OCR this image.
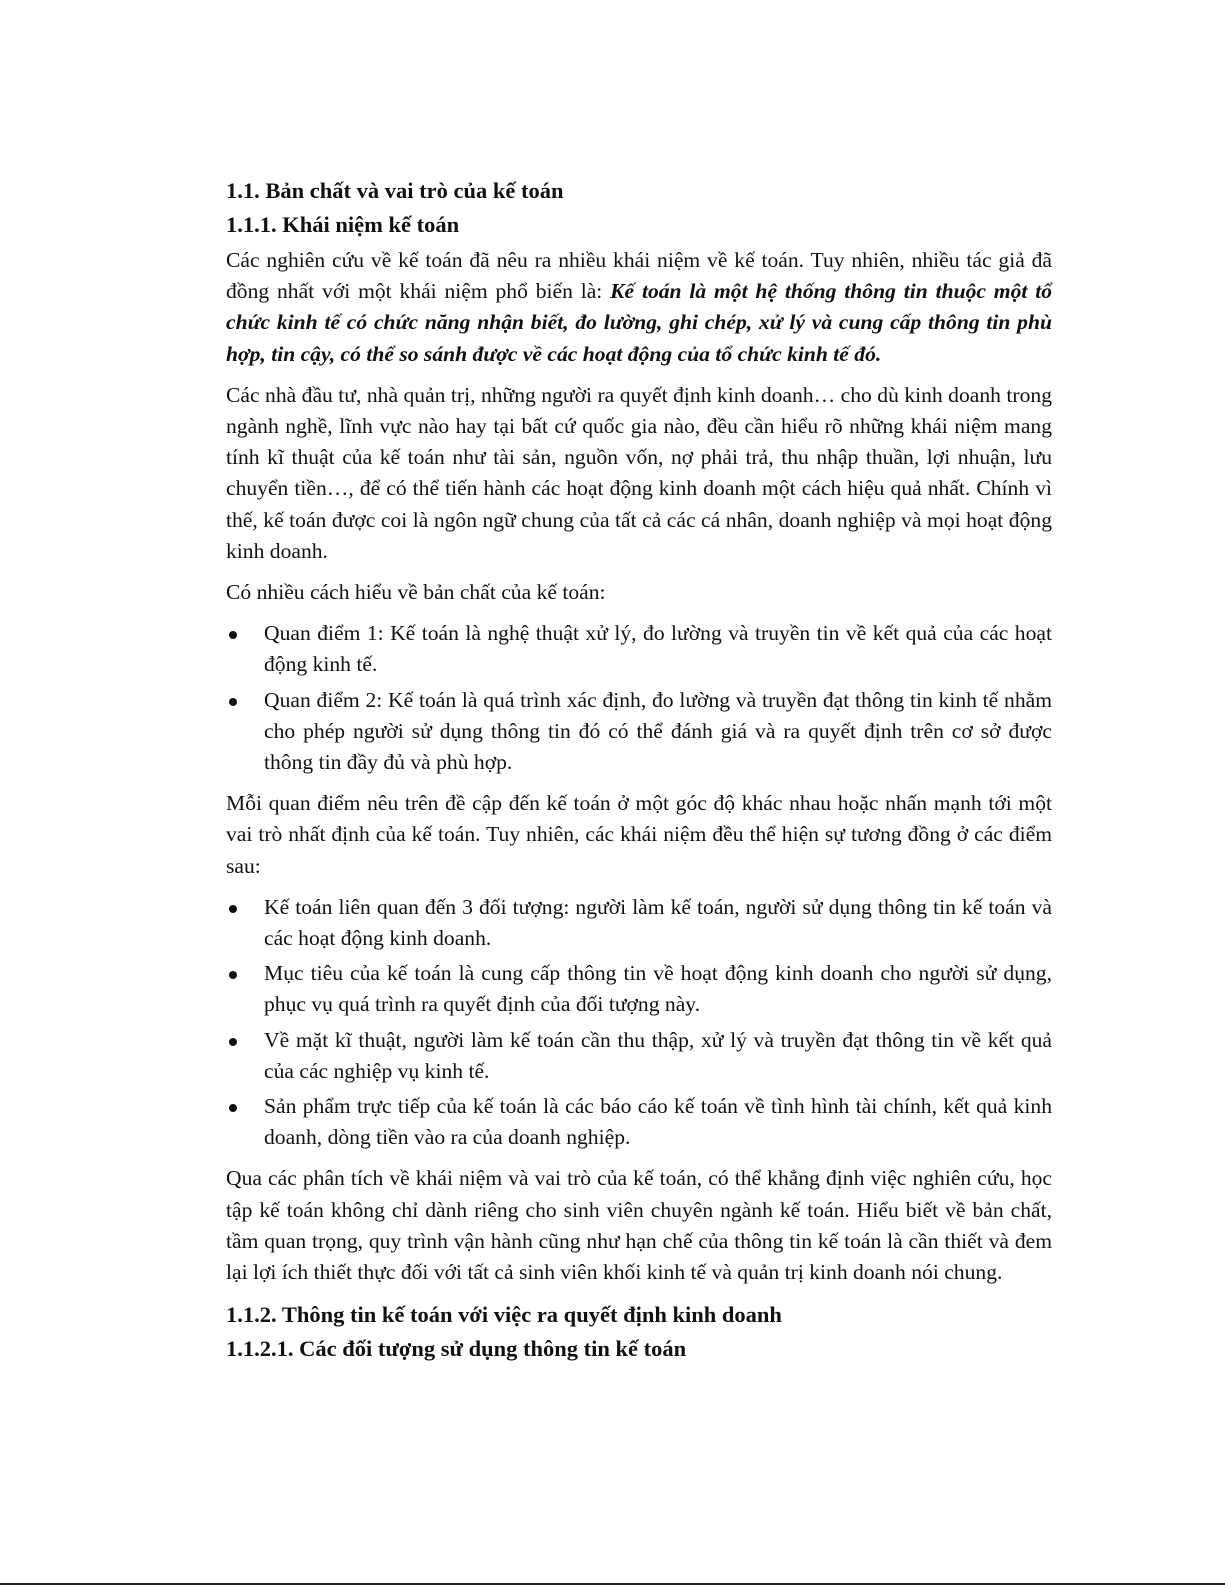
1.1. Bản chất và vai trò của kế toán
1.1.1. Khái niệm kế toán

Các nghiên cứu về kế toán đã nêu ra nhiều khái niệm về kế toán. Tuy nhiên, nhiều tác giả đã đồng nhất với một khái niệm phổ biến là: Kế toán là một hệ thống thông tin thuộc một tổ chức kinh tế có chức năng nhận biết, đo lường, ghi chép, xử lý và cung cấp thông tin phù hợp, tin cậy, có thể so sánh được về các hoạt động của tổ chức kinh tế đó.

Các nhà đầu tư, nhà quản trị, những người ra quyết định kinh doanh… cho dù kinh doanh trong ngành nghề, lĩnh vực nào hay tại bất cứ quốc gia nào, đều cần hiểu rõ những khái niệm mang tính kĩ thuật của kế toán như tài sản, nguồn vốn, nợ phải trả, thu nhập thuần, lợi nhuận, lưu chuyển tiền…, để có thể tiến hành các hoạt động kinh doanh một cách hiệu quả nhất. Chính vì thế, kế toán được coi là ngôn ngữ chung của tất cả các cá nhân, doanh nghiệp và mọi hoạt động kinh doanh.

Có nhiều cách hiểu về bản chất của kế toán:

Quan điểm 1: Kế toán là nghệ thuật xử lý, đo lường và truyền tin về kết quả của các hoạt động kinh tế.
Quan điểm 2: Kế toán là quá trình xác định, đo lường và truyền đạt thông tin kinh tế nhằm cho phép người sử dụng thông tin đó có thể đánh giá và ra quyết định trên cơ sở được thông tin đầy đủ và phù hợp.

Mỗi quan điểm nêu trên đề cập đến kế toán ở một góc độ khác nhau hoặc nhấn mạnh tới một vai trò nhất định của kế toán. Tuy nhiên, các khái niệm đều thể hiện sự tương đồng ở các điểm sau:

Kế toán liên quan đến 3 đối tượng: người làm kế toán, người sử dụng thông tin kế toán và các hoạt động kinh doanh.
Mục tiêu của kế toán là cung cấp thông tin về hoạt động kinh doanh cho người sử dụng, phục vụ quá trình ra quyết định của đối tượng này.
Về mặt kĩ thuật, người làm kế toán cần thu thập, xử lý và truyền đạt thông tin về kết quả của các nghiệp vụ kinh tế.
Sản phẩm trực tiếp của kế toán là các báo cáo kế toán về tình hình tài chính, kết quả kinh doanh, dòng tiền vào ra của doanh nghiệp.

Qua các phân tích về khái niệm và vai trò của kế toán, có thể khẳng định việc nghiên cứu, học tập kế toán không chỉ dành riêng cho sinh viên chuyên ngành kế toán. Hiểu biết về bản chất, tầm quan trọng, quy trình vận hành cũng như hạn chế của thông tin kế toán là cần thiết và đem lại lợi ích thiết thực đối với tất cả sinh viên khối kinh tế và quản trị kinh doanh nói chung.

1.1.2. Thông tin kế toán với việc ra quyết định kinh doanh
1.1.2.1. Các đối tượng sử dụng thông tin kế toán
